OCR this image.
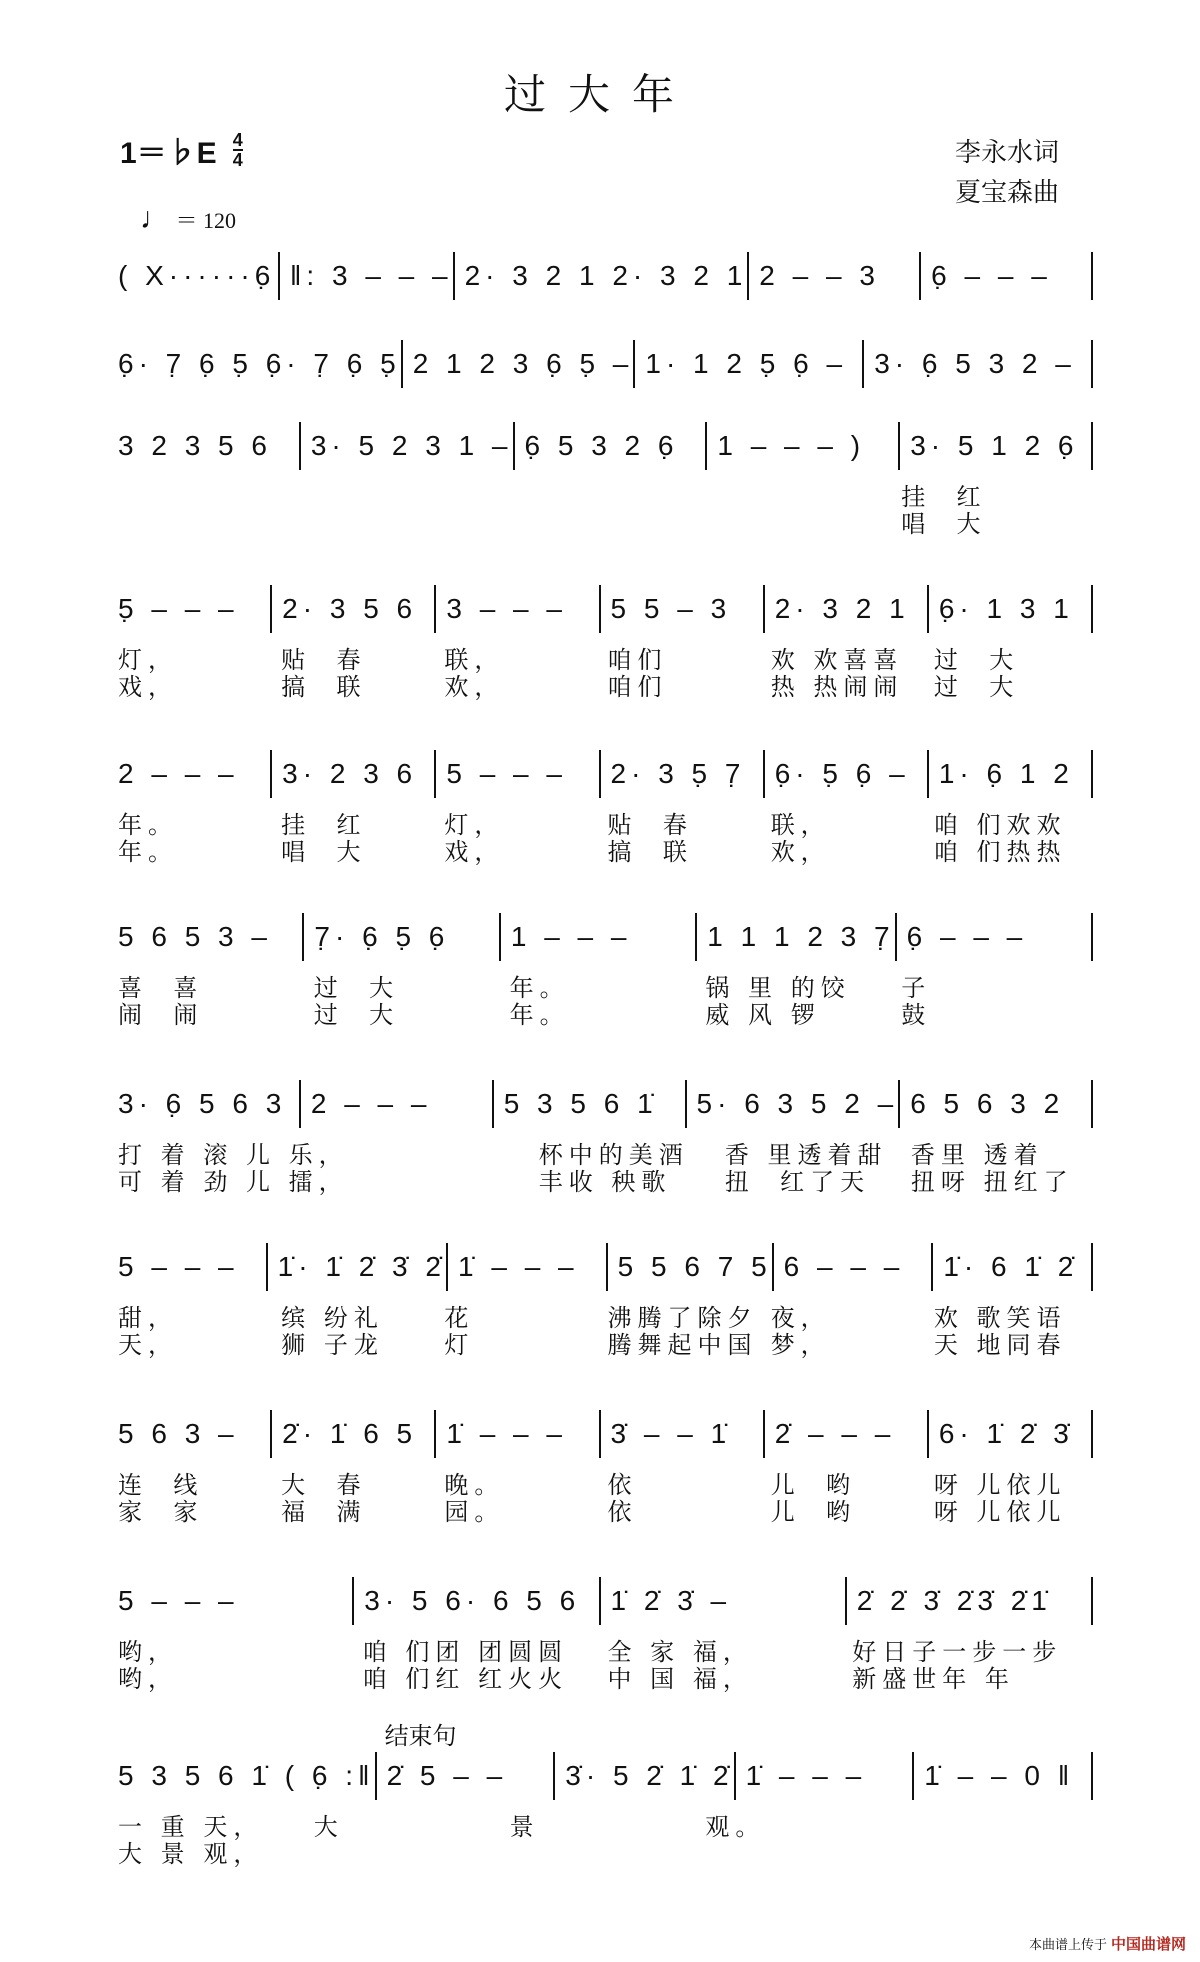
过大年
1＝♭E $\frac{4}{4}$	李永水词
夏宝森曲
♩ ＝ 120
( X······6̣ ‖: 3 – – – 2· 3 2 1 2· 3 2 1 2 – – 3 6̣ – – –
6̣· 7̣ 6̣ 5̣ 6̣· 7̣ 6̣ 5̣ 2 1 2 3 6̣ 5̣ – 1· 1 2 5̣ 6̣ – 3· 6̣ 5 3 2 –
3 2 3 5 6 3· 5 2 3 1 – 6̣ 5 3 2 6̣ 1 – – – ) 3· 5 1 2 6̣
挂  红
唱  大
5̣ – – – 2· 3 5 6 3 – – – 5 5 – 3 2· 3 2 1 6̣· 1 3 1
灯，	贴  春	联，	咱们	欢 欢喜喜	过  大
戏，	搞  联	欢，	咱们	热 热闹闹	过  大
2 – – – 3· 2 3 6 5 – – – 2· 3 5̣ 7̣ 6̣· 5̣ 6̣ – 1· 6̣ 1 2
年。	挂  红	灯，	贴  春	联，	咱 们欢欢
年。	唱  大	戏，	搞  联	欢，	咱 们热热
5 6 5 3 – 7̣· 6̣ 5̣ 6̣ 1 – – –	1 1 1 2 3 7̣ 6̣ – – –
喜  喜	过  大	年。	锅 里 的饺	子
闹  闹	过  大	年。	威 风 锣	鼓
3· 6̣ 5 6 3 2 – – –	5 3 5 6 1̇ 5· 6 3 5 2 – 6 5 6 3 2
打 着 滚 儿 乐，	杯中的美酒	香 里透着甜 香里 透着
可 着 劲 儿 擂，	丰收 秧歌	扭  红了天	扭呀 扭红了
5 – – – 1̇· 1̇ 2̇ 3̇ 2̇ 1̇ – – – 5 5 6 7 5 6 – – – 1̇· 6 1̇ 2̇
甜，	缤 纷礼	花	沸腾了除夕 夜，	欢 歌笑语
天，	狮 子龙	灯	腾舞起中国 梦，	天 地同春
5 6 3 – 2̇· 1̇ 6 5 1̇ – – – 3̇ – – 1̇ 2̇ – – – 6· 1̇ 2̇ 3̇
连  线	大  春	晚。	依	儿  哟	呀 儿依儿
家  家	福  满	园。	依	儿  哟	呀 儿依儿
5 – – –	3· 5 6· 6 5 6 1̇ 2̇ 3̇ –	2̇ 2̇ 3̇ 2̇3̇ 2̇1̇
哟，	咱 们团 团圆圆	全 家 福，	好日子一步一步
哟，	咱 们红 红火火	中 国 福，	新盛世年 年
5 3 5 6 1̇ ( 6̣ :‖ 2̇ 5 – –
结束句
3̇· 5 2̇ 1̇ 2̇ 1̇ – – – 1̇ – – 0 ‖
一 重 天，	大	景	观。
大 景 观，
本曲谱上传于 中国曲谱网
